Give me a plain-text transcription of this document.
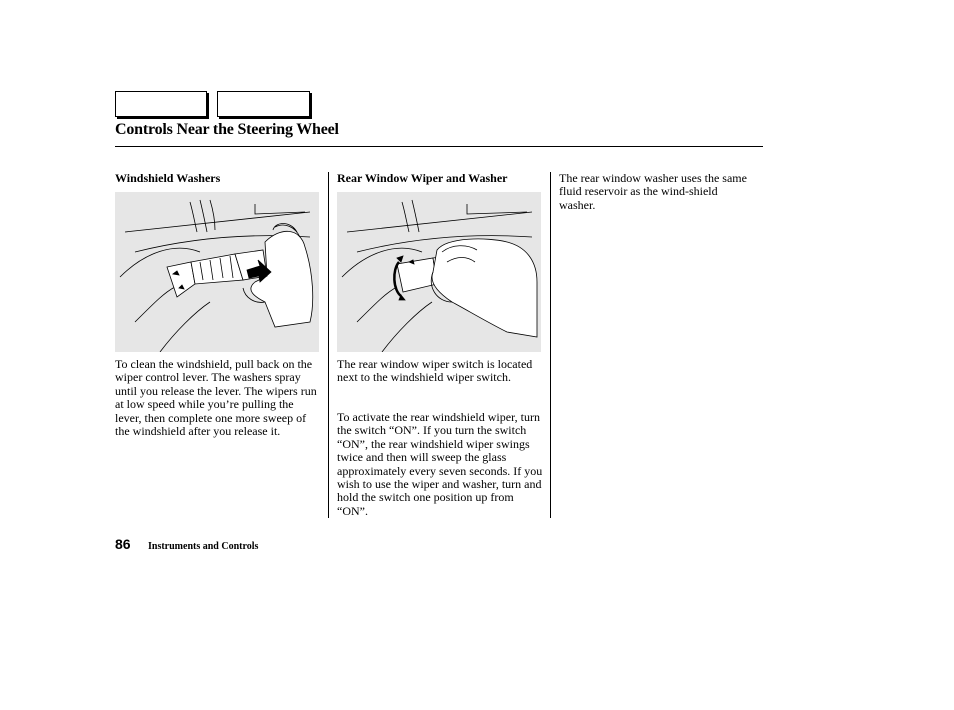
Controls Near the Steering Wheel
Windshield Washers

To clean the windshield, pull back on the wiper control lever. The washers spray until you release the lever. The wipers run at low speed while you’re pulling the lever, then complete one more sweep of the windshield after you release it.

Rear Window Wiper and Washer

The rear window wiper switch is located next to the windshield wiper switch.

To activate the rear windshield wiper, turn the switch “ON”. If you turn the switch “ON”, the rear windshield wiper swings twice and then will sweep the glass approximately every seven seconds. If you wish to use the wiper and washer, turn and hold the switch one position up from “ON”.

The rear window washer uses the same fluid reservoir as the wind-shield washer.

86 Instruments and Controls
